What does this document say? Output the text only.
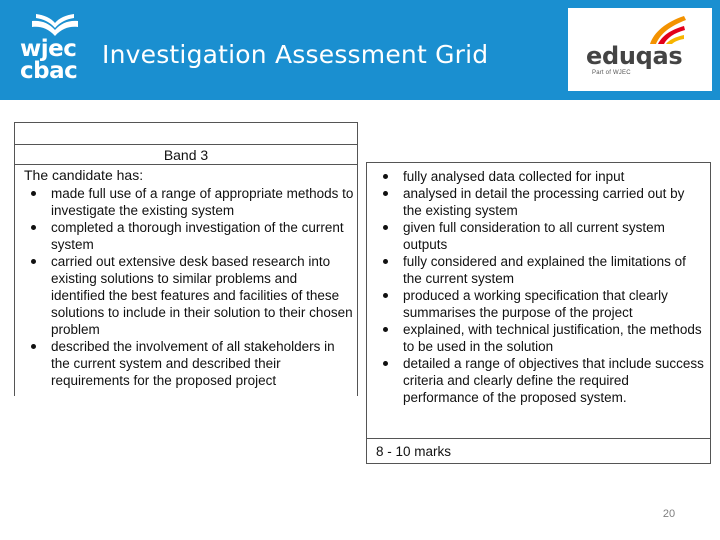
wjec
cbac
Investigation Assessment Grid	eduqas
Part of WJEC
Band 3
The candidate has:
made full use of a range of appropriate methods to investigate the existing system
completed a thorough investigation of the current system
carried out extensive desk based research into existing solutions to similar problems and identified the best features and facilities of these solutions to include in their solution to their chosen problem
described the involvement of all stakeholders in the current system and described their requirements for the proposed project
fully analysed data collected for input
analysed in detail the processing carried out by the existing system
given full consideration to all current system outputs
fully considered and explained the limitations of the current system
produced a working specification that clearly summarises the purpose of the project
explained, with technical justification, the methods to be used in the solution
detailed a range of objectives that include success criteria and clearly define the required performance of the proposed system.
8 - 10 marks
20
